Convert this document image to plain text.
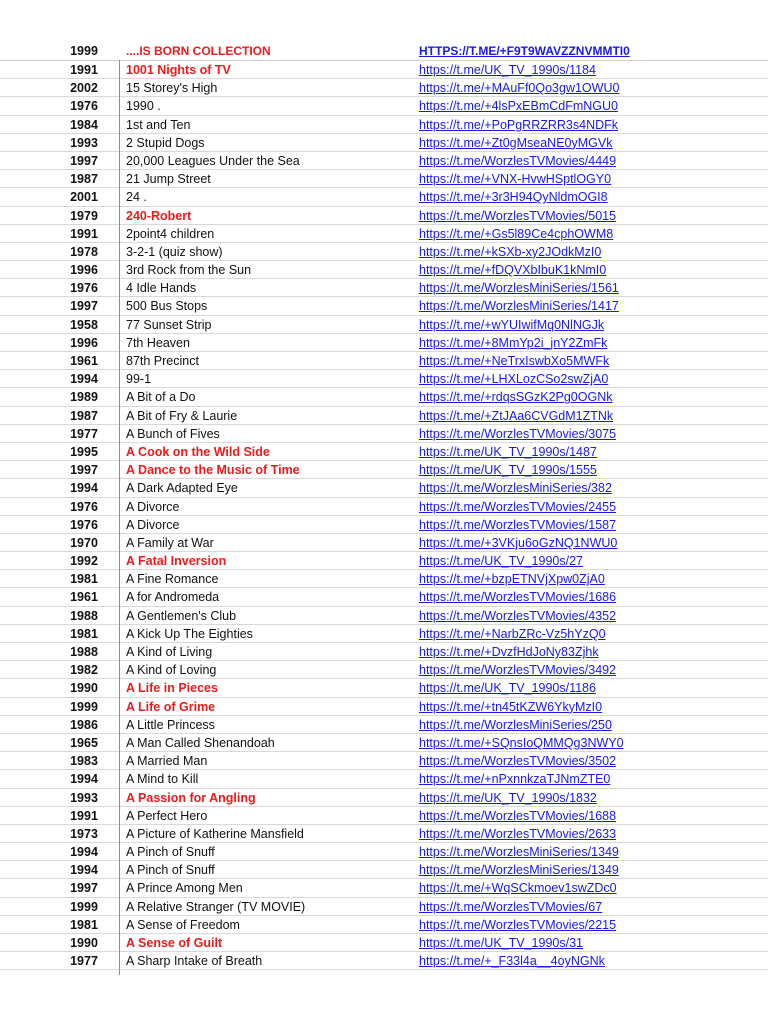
1999	....IS BORN COLLECTION	HTTPS://T.ME/+F9T9WAVZZNVMMTI0
1991	1001 Nights of TV	https://t.me/UK_TV_1990s/1184
2002	15 Storey's High	https://t.me/+MAuFf0Qo3gw1OWU0
1976	1990 .	https://t.me/+4lsPxEBmCdFmNGU0
1984	1st and Ten	https://t.me/+PoPgRRZRR3s4NDFk
1993	2 Stupid Dogs	https://t.me/+Zt0gMseaNE0yMGVk
1997	20,000 Leagues Under the Sea	https://t.me/WorzlesTVMovies/4449
1987	21 Jump Street	https://t.me/+VNX-HvwHSptlOGY0
2001	24 .	https://t.me/+3r3H94QyNldmOGI8
1979	240-Robert	https://t.me/WorzlesTVMovies/5015
1991	2point4 children	https://t.me/+Gs5l89Ce4cphOWM8
1978	3-2-1 (quiz show)	https://t.me/+kSXb-xy2JOdkMzI0
1996	3rd Rock from the Sun	https://t.me/+fDQVXbIbuK1kNmI0
1976	4 Idle Hands	https://t.me/WorzlesMiniSeries/1561
1997	500 Bus Stops	https://t.me/WorzlesMiniSeries/1417
1958	77 Sunset Strip	https://t.me/+wYUIwifMq0NlNGJk
1996	7th Heaven	https://t.me/+8MmYp2i_jnY2ZmFk
1961	87th Precinct	https://t.me/+NeTrxIswbXo5MWFk
1994	99-1	https://t.me/+LHXLozCSo2swZjA0
1989	A Bit of a Do	https://t.me/+rdqsSGzK2Pg0OGNk
1987	A Bit of Fry & Laurie	https://t.me/+ZtJAa6CVGdM1ZTNk
1977	A Bunch of Fives	https://t.me/WorzlesTVMovies/3075
1995	A Cook on the Wild Side	https://t.me/UK_TV_1990s/1487
1997	A Dance to the Music of Time	https://t.me/UK_TV_1990s/1555
1994	A Dark Adapted Eye	https://t.me/WorzlesMiniSeries/382
1976	A Divorce	https://t.me/WorzlesTVMovies/2455
1976	A Divorce	https://t.me/WorzlesTVMovies/1587
1970	A Family at War	https://t.me/+3VKju6oGzNQ1NWU0
1992	A Fatal Inversion	https://t.me/UK_TV_1990s/27
1981	A Fine Romance	https://t.me/+bzpETNVjXpw0ZjA0
1961	A for Andromeda	https://t.me/WorzlesTVMovies/1686
1988	A Gentlemen's Club	https://t.me/WorzlesTVMovies/4352
1981	A Kick Up The Eighties	https://t.me/+NarbZRc-Vz5hYzQ0
1988	A Kind of Living	https://t.me/+DvzfHdJoNy83Zjhk
1982	A Kind of Loving	https://t.me/WorzlesTVMovies/3492
1990	A Life in Pieces	https://t.me/UK_TV_1990s/1186
1999	A Life of Grime	https://t.me/+tn45tKZW6YkyMzI0
1986	A Little Princess	https://t.me/WorzlesMiniSeries/250
1965	A Man Called Shenandoah	https://t.me/+SQnsIoQMMQg3NWY0
1983	A Married Man	https://t.me/WorzlesTVMovies/3502
1994	A Mind to Kill	https://t.me/+nPxnnkzaTJNmZTE0
1993	A Passion for Angling	https://t.me/UK_TV_1990s/1832
1991	A Perfect Hero	https://t.me/WorzlesTVMovies/1688
1973	A Picture of Katherine Mansfield	https://t.me/WorzlesTVMovies/2633
1994	A Pinch of Snuff	https://t.me/WorzlesMiniSeries/1349
1994	A Pinch of Snuff	https://t.me/WorzlesMiniSeries/1349
1997	A Prince Among Men	https://t.me/+WqSCkmoev1swZDc0
1999	A Relative Stranger (TV MOVIE)	https://t.me/WorzlesTVMovies/67
1981	A Sense of Freedom	https://t.me/WorzlesTVMovies/2215
1990	A Sense of Guilt	https://t.me/UK_TV_1990s/31
1977	A Sharp Intake of Breath	https://t.me/+_F33l4a__4oyNGNk
